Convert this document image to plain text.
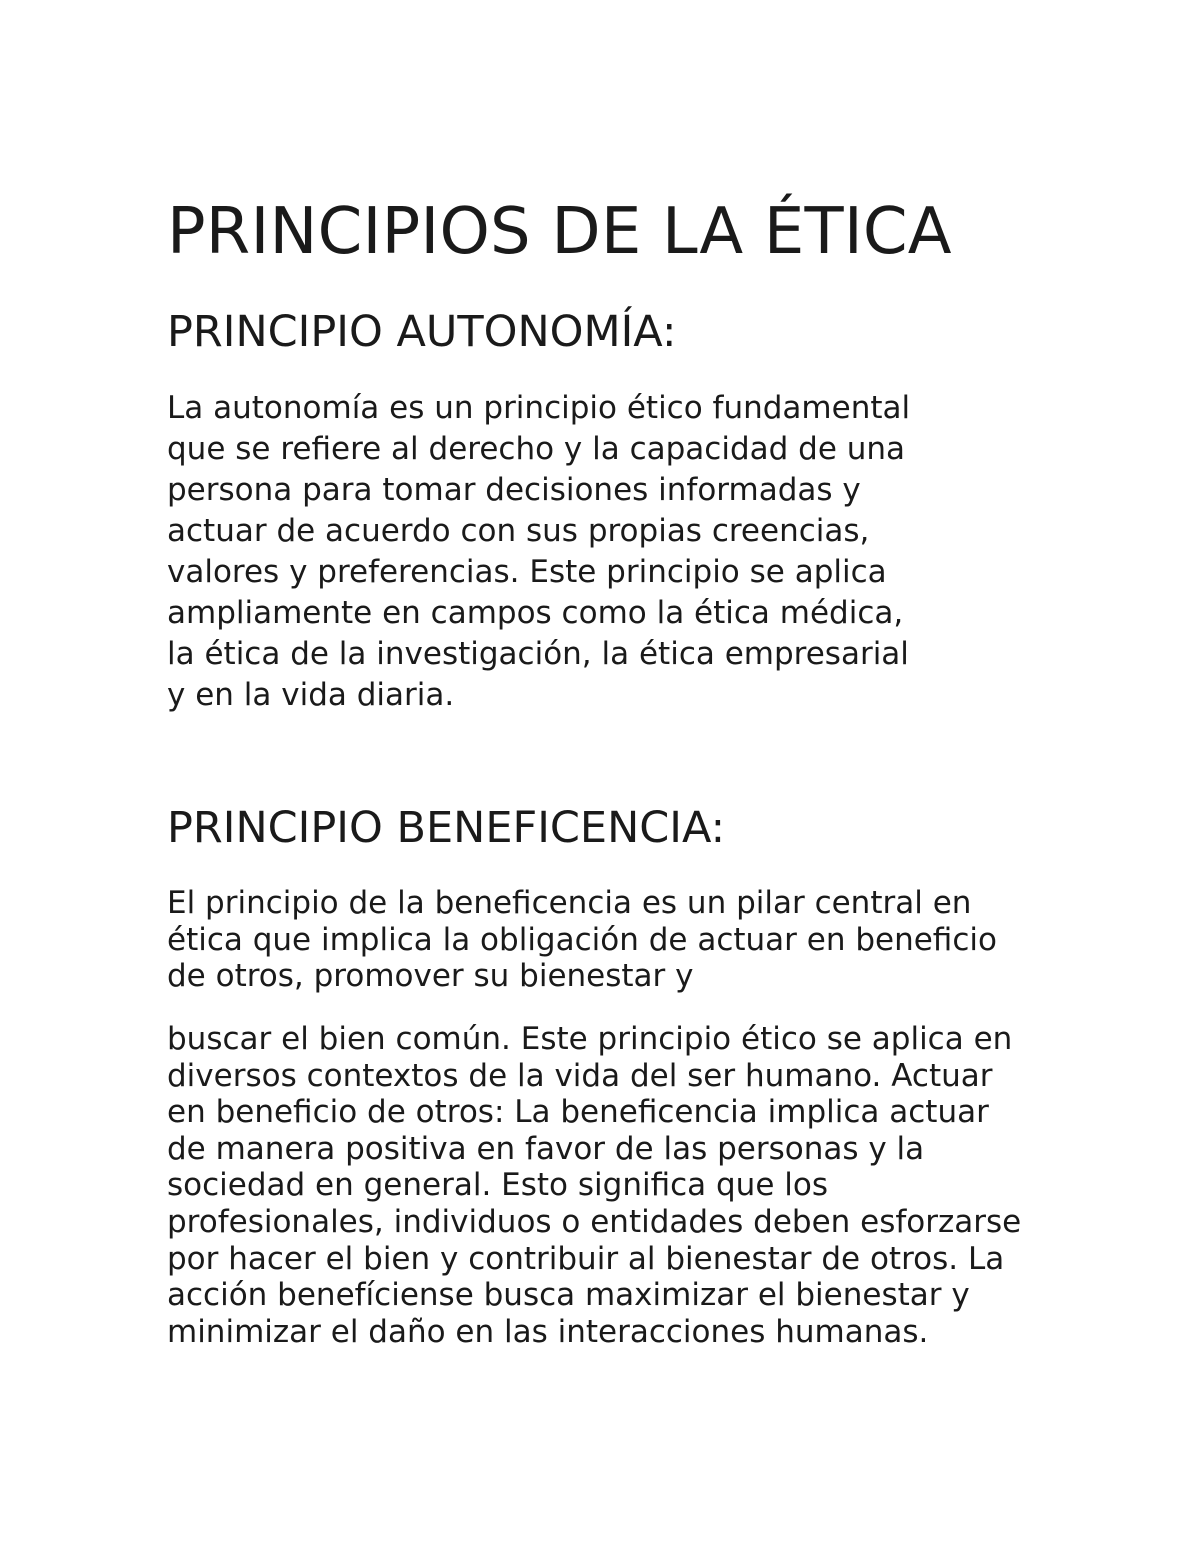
PRINCIPIOS DE LA ÉTICA
PRINCIPIO AUTONOMÍA:
La autonomía es un principio ético fundamental
que se refiere al derecho y la capacidad de una
persona para tomar decisiones informadas y
actuar de acuerdo con sus propias creencias,
valores y preferencias. Este principio se aplica
ampliamente en campos como la ética médica,
la ética de la investigación, la ética empresarial
y en la vida diaria.
PRINCIPIO BENEFICENCIA:
El principio de la beneficencia es un pilar central en
ética que implica la obligación de actuar en beneficio
de otros, promover su bienestar y
buscar el bien común. Este principio ético se aplica en
diversos contextos de la vida del ser humano. Actuar
en beneficio de otros: La beneficencia implica actuar
de manera positiva en favor de las personas y la
sociedad en general. Esto significa que los
profesionales, individuos o entidades deben esforzarse
por hacer el bien y contribuir al bienestar de otros. La
acción benefíciense busca maximizar el bienestar y
minimizar el daño en las interacciones humanas.
